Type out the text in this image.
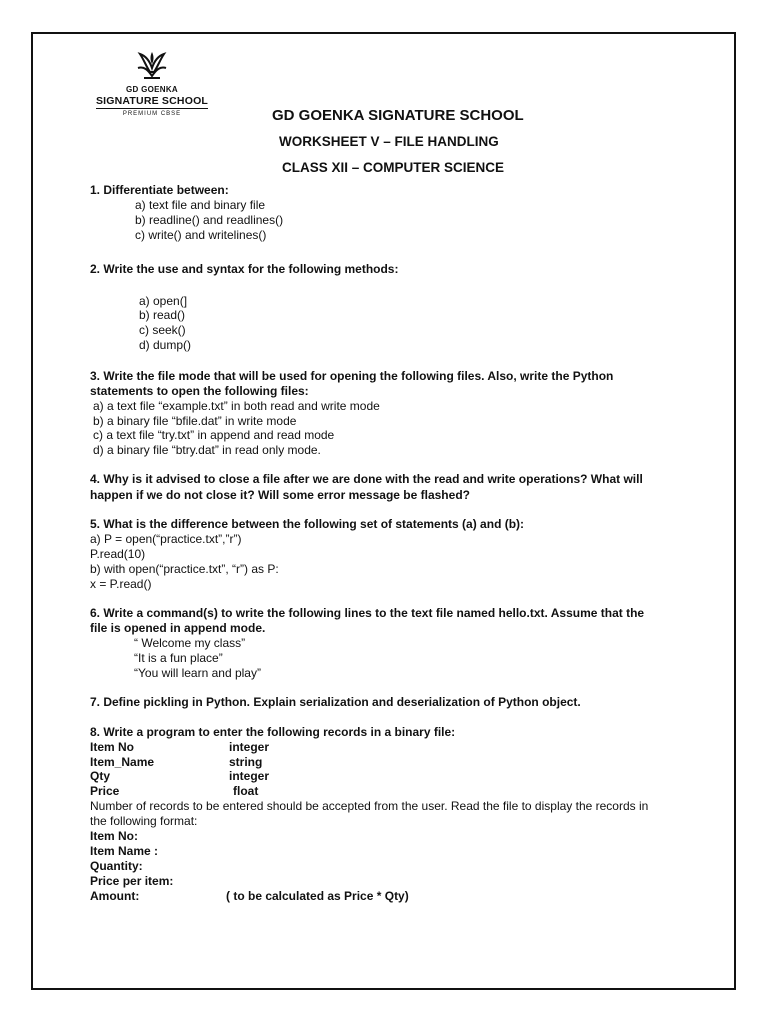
GD GOENKA
SIGNATURE SCHOOL
PREMIUM CBSE	GD GOENKA SIGNATURE SCHOOL
WORKSHEET V – FILE HANDLING
CLASS XII – COMPUTER SCIENCE
1. Differentiate between:
a) text file and binary file
b) readline() and readlines()
c) write() and writelines()
2. Write the use and syntax for the following methods:
a) open(]
b) read()
c) seek()
d) dump()
3. Write the file mode that will be used for opening the following files. Also, write the Python
statements to open the following files:
a) a text file “example.txt” in both read and write mode
b) a binary file “bfile.dat” in write mode
c) a text file “try.txt” in append and read mode
d) a binary file “btry.dat” in read only mode.
4. Why is it advised to close a file after we are done with the read and write operations? What will
happen if we do not close it? Will some error message be flashed?
5. What is the difference between the following set of statements (a) and (b):
a) P = open(“practice.txt”,”r”)
P.read(10)
b) with open(“practice.txt”, “r”) as P:
x = P.read()
6. Write a command(s) to write the following lines to the text file named hello.txt. Assume that the
file is opened in append mode.
“ Welcome my class”
“It is a fun place”
“You will learn and play”
7. Define pickling in Python. Explain serialization and deserialization of Python object.
8. Write a program to enter the following records in a binary file:
Item No	integer
Item_Name	string
Qty	integer
Price	float
Number of records to be entered should be accepted from the user. Read the file to display the records in
the following format:
Item No:
Item Name :
Quantity:
Price per item:
Amount:	( to be calculated as Price * Qty)
